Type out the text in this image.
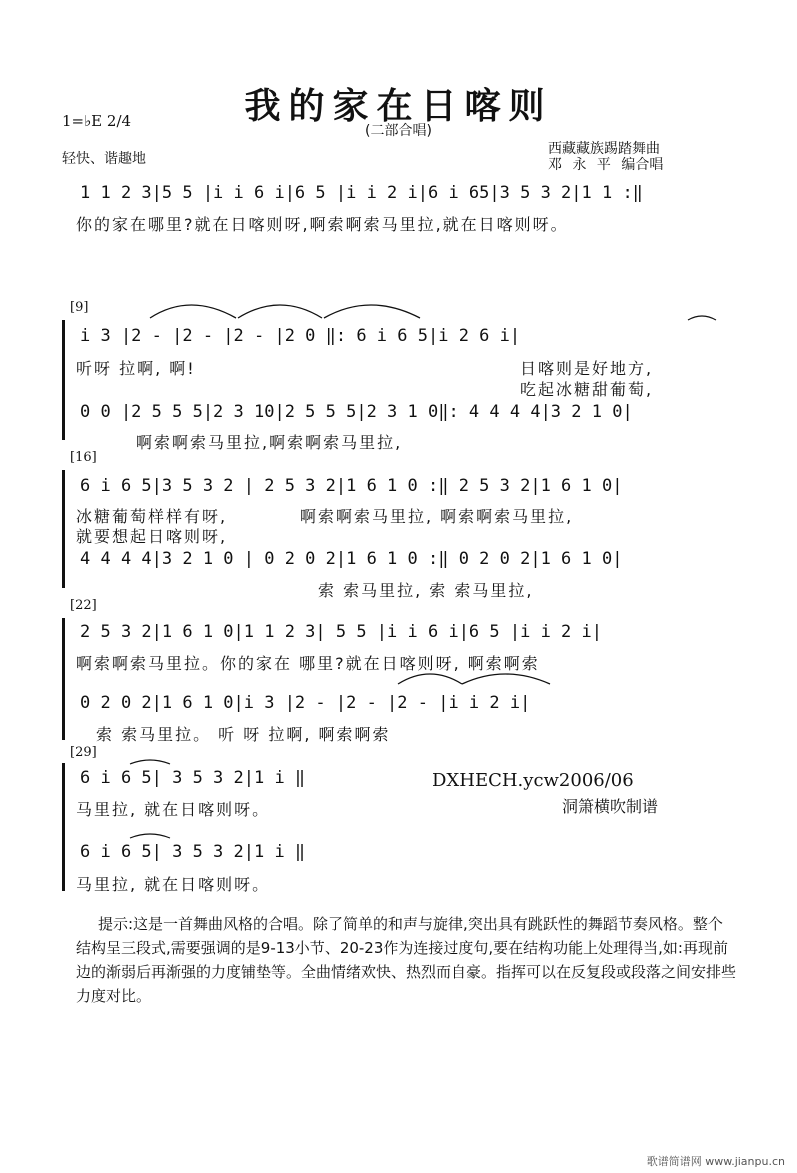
我的家在日喀则
(二部合唱)
1=♭E 2/4
轻快、谐趣地
西藏藏族踢踏舞曲
邓 永 平 编合唱
1 1 2 3|5 5 |i i 6 i|6 5 |i i 2 i|6 i 65|3 5 3 2|1 1 :‖
你的家在哪里?就在日喀则呀,啊索啊索马里拉,就在日喀则呀。
[9]
i 3 |2 - |2 - |2 - |2 0 ‖: 6 i 6 5|i 2 6 i|
听呀 拉啊, 啊!	日喀则是好地方,
吃起冰糖甜葡萄,
0 0 |2 5 5 5|2 3 10|2 5 5 5|2 3 1 0‖: 4 4 4 4|3 2 1 0|
啊索啊索马里拉,啊索啊索马里拉,
[16]
6 i 6 5|3 5 3 2 | 2 5 3 2|1 6 1 0 :‖ 2 5 3 2|1 6 1 0|
冰糖葡萄样样有呀,
就要想起日喀则呀,
啊索啊索马里拉, 啊索啊索马里拉,
4 4 4 4|3 2 1 0 | 0 2 0 2|1 6 1 0 :‖ 0 2 0 2|1 6 1 0|
索 索马里拉, 索 索马里拉,
[22]
2 5 3 2|1 6 1 0|1 1 2 3| 5 5 |i i 6 i|6 5 |i i 2 i|
啊索啊索马里拉。你的家在 哪里?就在日喀则呀, 啊索啊索
0 2 0 2|1 6 1 0|i 3 |2 - |2 - |2 - |i i 2 i|
索 索马里拉。 听 呀 拉啊, 啊索啊索
[29]
6 i 6 5| 3 5 3 2|1 i ‖
马里拉, 就在日喀则呀。
6 i 6 5| 3 5 3 2|1 i ‖
马里拉, 就在日喀则呀。
DXHECH.ycw2006/06
洞箫横吹制谱
提示:这是一首舞曲风格的合唱。除了简单的和声与旋律,突出具有跳跃性的舞蹈节奏风格。整个结构呈三段式,需要强调的是9-13小节、20-23作为连接过度句,要在结构功能上处理得当,如:再现前边的渐弱后再渐强的力度铺垫等。全曲情绪欢快、热烈而自豪。指挥可以在反复段或段落之间安排些力度对比。
歌谱简谱网 www.jianpu.cn
